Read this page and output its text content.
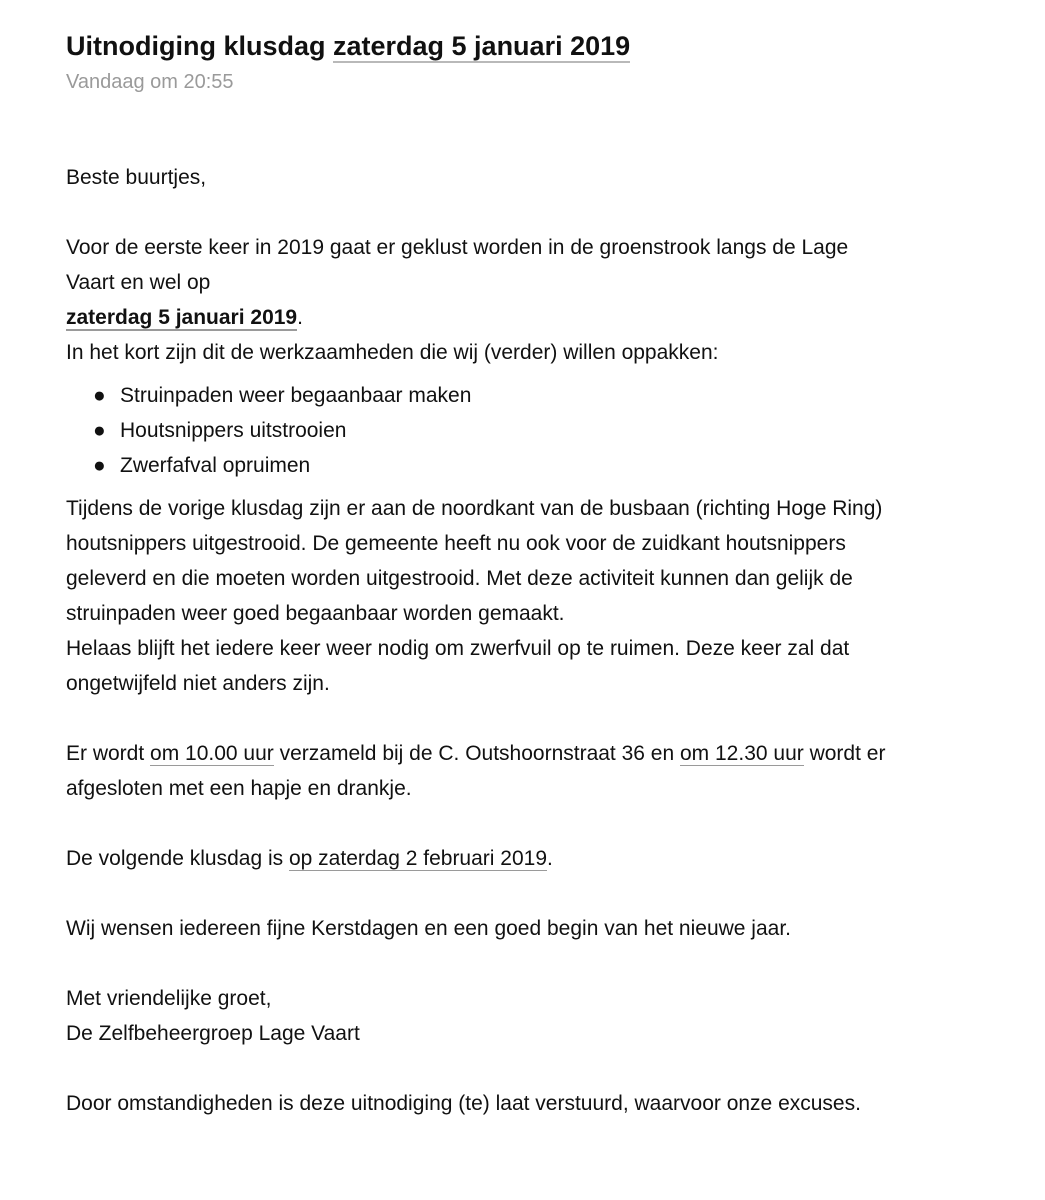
Uitnodiging klusdag zaterdag 5 januari 2019
Vandaag om 20:55

Beste buurtjes,

Voor de eerste keer in 2019 gaat er geklust worden in de groenstrook langs de Lage

Vaart en wel op

zaterdag 5 januari 2019.

In het kort zijn dit de werkzaamheden die wij (verder) willen oppakken:

● Struinpaden weer begaanbaar maken
● Houtsnippers uitstrooien
● Zwerfafval opruimen

Tijdens de vorige klusdag zijn er aan de noordkant van de busbaan (richting Hoge Ring)

houtsnippers uitgestrooid. De gemeente heeft nu ook voor de zuidkant houtsnippers

geleverd en die moeten worden uitgestrooid. Met deze activiteit kunnen dan gelijk de

struinpaden weer goed begaanbaar worden gemaakt.

Helaas blijft het iedere keer weer nodig om zwerfvuil op te ruimen. Deze keer zal dat

ongetwijfeld niet anders zijn.

Er wordt om 10.00 uur verzameld bij de C. Outshoornstraat 36 en om 12.30 uur wordt er

afgesloten met een hapje en drankje.

De volgende klusdag is op zaterdag 2 februari 2019.

Wij wensen iedereen fijne Kerstdagen en een goed begin van het nieuwe jaar.

Met vriendelijke groet,

De Zelfbeheergroep Lage Vaart

Door omstandigheden is deze uitnodiging (te) laat verstuurd, waarvoor onze excuses.
